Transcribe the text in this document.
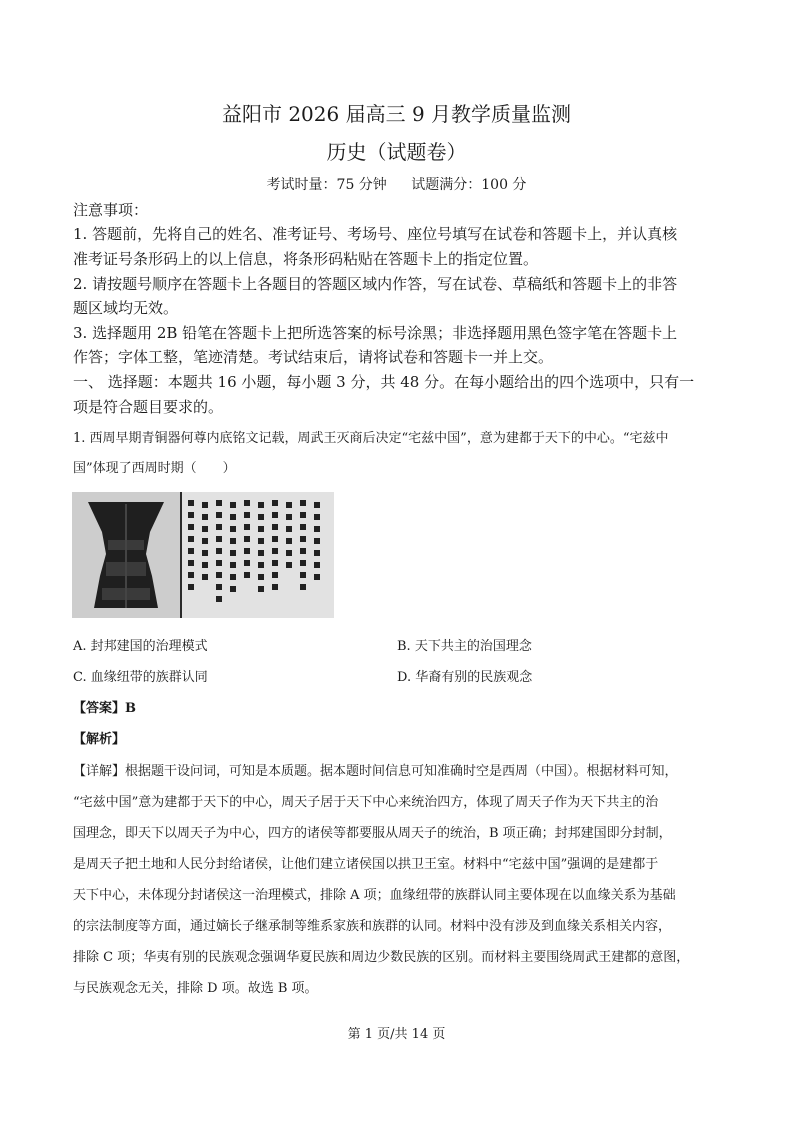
益阳市 2026 届高三 9 月教学质量监测
历史（试题卷）
考试时量：75 分钟 试题满分：100 分
注意事项：
1. 答题前，先将自己的姓名、准考证号、考场号、座位号填写在试卷和答题卡上，并认真核
准考证号条形码上的以上信息，将条形码粘贴在答题卡上的指定位置。
2. 请按题号顺序在答题卡上各题目的答题区域内作答，写在试卷、草稿纸和答题卡上的非答
题区域均无效。
3. 选择题用 2B 铅笔在答题卡上把所选答案的标号涂黑；非选择题用黑色签字笔在答题卡上
作答；字体工整，笔迹清楚。考试结束后，请将试卷和答题卡一并上交。
一、 选择题：本题共 16 小题，每小题 3 分，共 48 分。在每小题给出的四个选项中，只有一
项是符合题目要求的。
1. 西周早期青铜器何尊内底铭文记载，周武王灭商后决定“宅兹中国”，意为建都于天下的中心。“宅兹中
国”体现了西周时期（　　）
A. 封邦建国的治理模式	B. 天下共主的治国理念
C. 血缘纽带的族群认同	D. 华裔有别的民族观念
【答案】B
【解析】
【详解】根据题干设问词，可知是本质题。据本题时间信息可知准确时空是西周（中国）。根据材料可知，
“宅兹中国”意为建都于天下的中心，周天子居于天下中心来统治四方，体现了周天子作为天下共主的治
国理念，即天下以周天子为中心，四方的诸侯等都要服从周天子的统治，B 项正确；封邦建国即分封制，
是周天子把土地和人民分封给诸侯，让他们建立诸侯国以拱卫王室。材料中“宅兹中国”强调的是建都于
天下中心，未体现分封诸侯这一治理模式，排除 A 项；血缘纽带的族群认同主要体现在以血缘关系为基础
的宗法制度等方面，通过嫡长子继承制等维系家族和族群的认同。材料中没有涉及到血缘关系相关内容，
排除 C 项；华夷有别的民族观念强调华夏民族和周边少数民族的区别。而材料主要围绕周武王建都的意图，
与民族观念无关，排除 D 项。故选 B 项。
第 1 页/共 14 页
